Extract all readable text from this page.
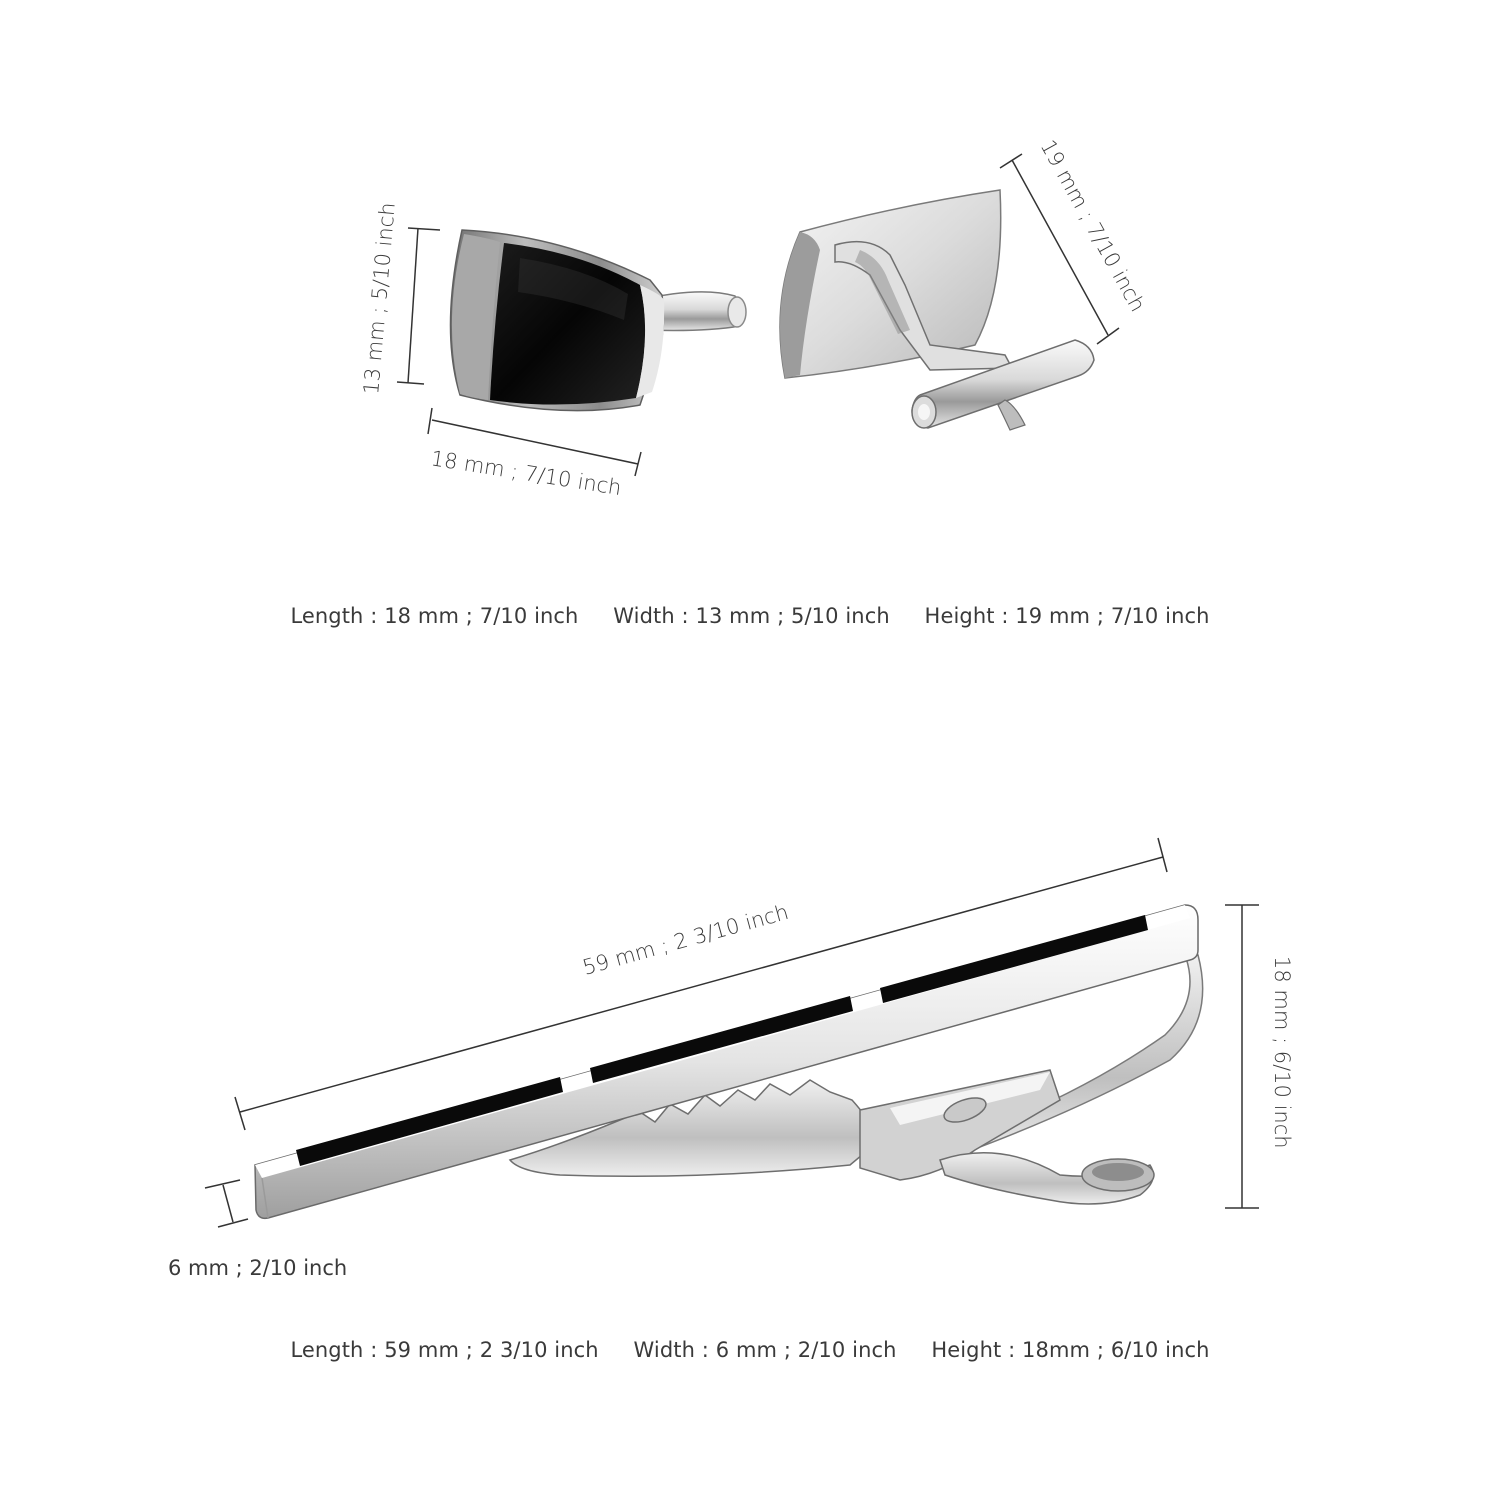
13 mm ; 5/10 inch
18 mm ; 7/10 inch
19 mm ; 7/10 inch
59 mm ; 2 3/10 inch
18 mm ; 6/10 inch
6 mm ; 2/10 inch
Length : 18 mm ; 7/10 inch Width : 13 mm ; 5/10 inch Height : 19 mm ; 7/10 inch
Length : 59 mm ; 2 3/10 inch Width : 6 mm ; 2/10 inch Height : 18mm ; 6/10 inch
